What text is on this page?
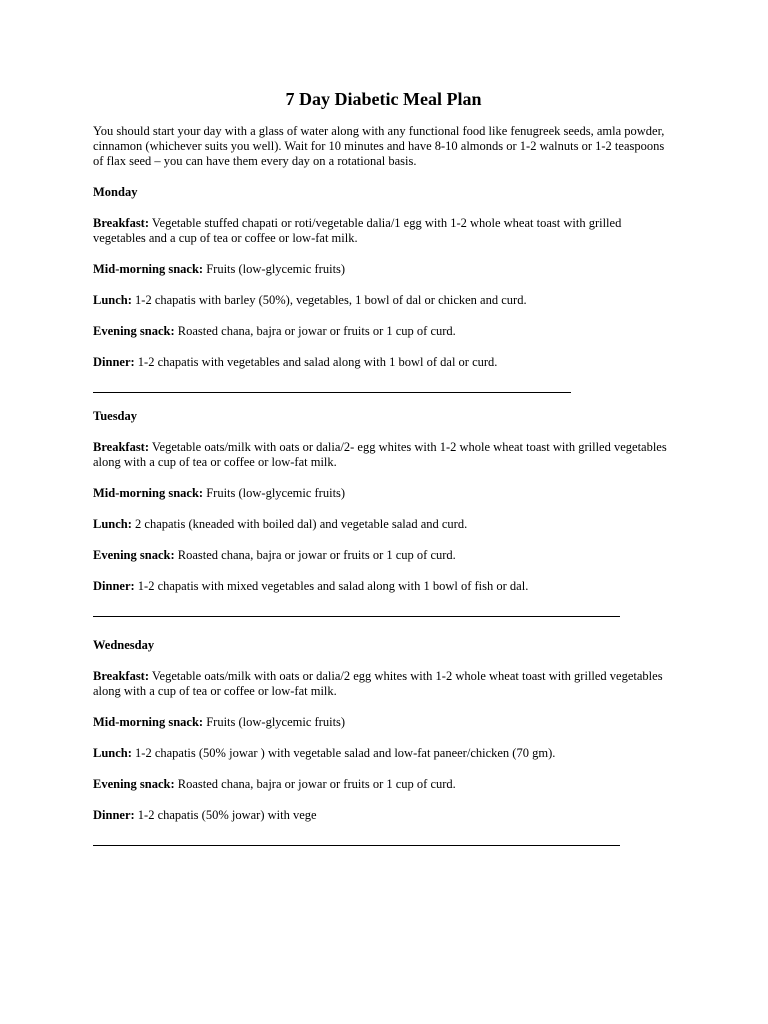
7 Day Diabetic Meal Plan

You should start your day with a glass of water along with any functional food like fenugreek seeds, amla powder, cinnamon (whichever suits you well). Wait for 10 minutes and have 8-10 almonds or 1-2 walnuts or 1-2 teaspoons of flax seed – you can have them every day on a rotational basis.

Monday

Breakfast: Vegetable stuffed chapati or roti/vegetable dalia/1 egg with 1-2 whole wheat toast with grilled vegetables and a cup of tea or coffee or low-fat milk.

Mid-morning snack: Fruits (low-glycemic fruits)

Lunch: 1-2 chapatis with barley (50%), vegetables, 1 bowl of dal or chicken and curd.

Evening snack: Roasted chana, bajra or jowar or fruits or 1 cup of curd.

Dinner: 1-2 chapatis with vegetables and salad along with 1 bowl of dal or curd.

Tuesday

Breakfast: Vegetable oats/milk with oats or dalia/2- egg whites with 1-2 whole wheat toast with grilled vegetables along with a cup of tea or coffee or low-fat milk.

Mid-morning snack: Fruits (low-glycemic fruits)

Lunch: 2 chapatis (kneaded with boiled dal) and vegetable salad and curd.

Evening snack: Roasted chana, bajra or jowar or fruits or 1 cup of curd.

Dinner: 1-2 chapatis with mixed vegetables and salad along with 1 bowl of fish or dal.

Wednesday

Breakfast: Vegetable oats/milk with oats or dalia/2 egg whites with 1-2 whole wheat toast with grilled vegetables along with a cup of tea or coffee or low-fat milk.

Mid-morning snack: Fruits (low-glycemic fruits)

Lunch: 1-2 chapatis (50% jowar ) with vegetable salad and low-fat paneer/chicken (70 gm).

Evening snack: Roasted chana, bajra or jowar or fruits or 1 cup of curd.

Dinner: 1-2 chapatis (50% jowar) with vege
